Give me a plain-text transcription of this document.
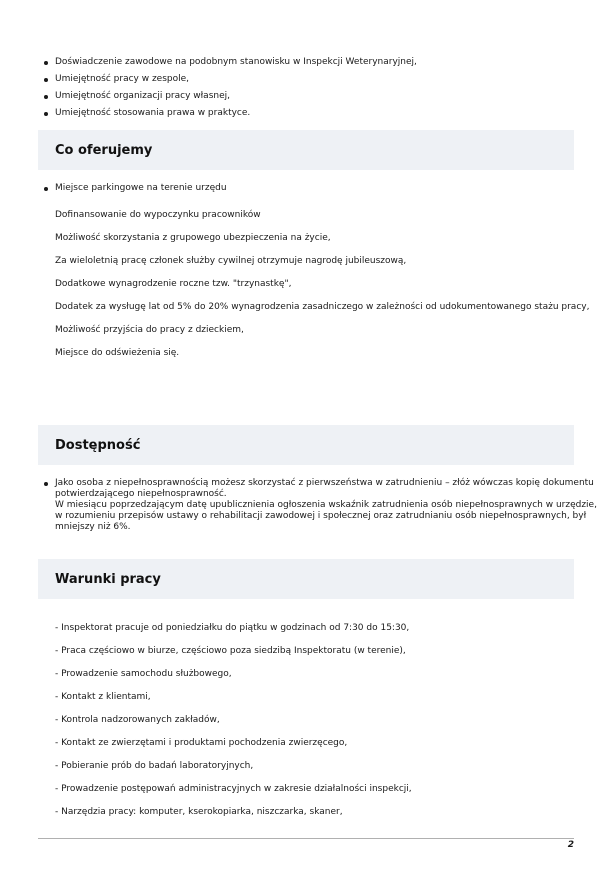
Doświadczenie zawodowe na podobnym stanowisku w Inspekcji Weterynaryjnej,
Umiejętność pracy w zespole,
Umiejętność organizacji pracy własnej,
Umiejętność stosowania prawa w praktyce.
Co oferujemy
Miejsce parkingowe na terenie urzędu

Dofinansowanie do wypoczynku pracowników

Możliwość skorzystania z grupowego ubezpieczenia na życie,

Za wieloletnią pracę członek służby cywilnej otrzymuje nagrodę jubileuszową,

Dodatkowe wynagrodzenie roczne tzw. "trzynastkę",

Dodatek za wysługę lat od 5% do 20% wynagrodzenia zasadniczego w zależności od udokumentowanego stażu pracy,

Możliwość przyjścia do pracy z dzieckiem,

Miejsce do odświeżenia się.

Dostępność
Jako osoba z niepełnosprawnością możesz skorzystać z pierwszeństwa w zatrudnieniu – złóż wówczas kopię dokumentu
potwierdzającego niepełnosprawność.
W miesiącu poprzedzającym datę upublicznienia ogłoszenia wskaźnik zatrudnienia osób niepełnosprawnych w urzędzie,
w rozumieniu przepisów ustawy o rehabilitacji zawodowej i społecznej oraz zatrudnianiu osób niepełnosprawnych, był
mniejszy niż 6%.
Warunki pracy

- Inspektorat pracuje od poniedziałku do piątku w godzinach od 7:30 do 15:30,

- Praca częściowo w biurze, częściowo poza siedzibą Inspektoratu (w terenie),

- Prowadzenie samochodu służbowego,

- Kontakt z klientami,

- Kontrola nadzorowanych zakładów,

- Kontakt ze zwierzętami i produktami pochodzenia zwierzęcego,

- Pobieranie prób do badań laboratoryjnych,

- Prowadzenie postępowań administracyjnych w zakresie działalności inspekcji,

- Narzędzia pracy: komputer, kserokopiarka, niszczarka, skaner,

2
